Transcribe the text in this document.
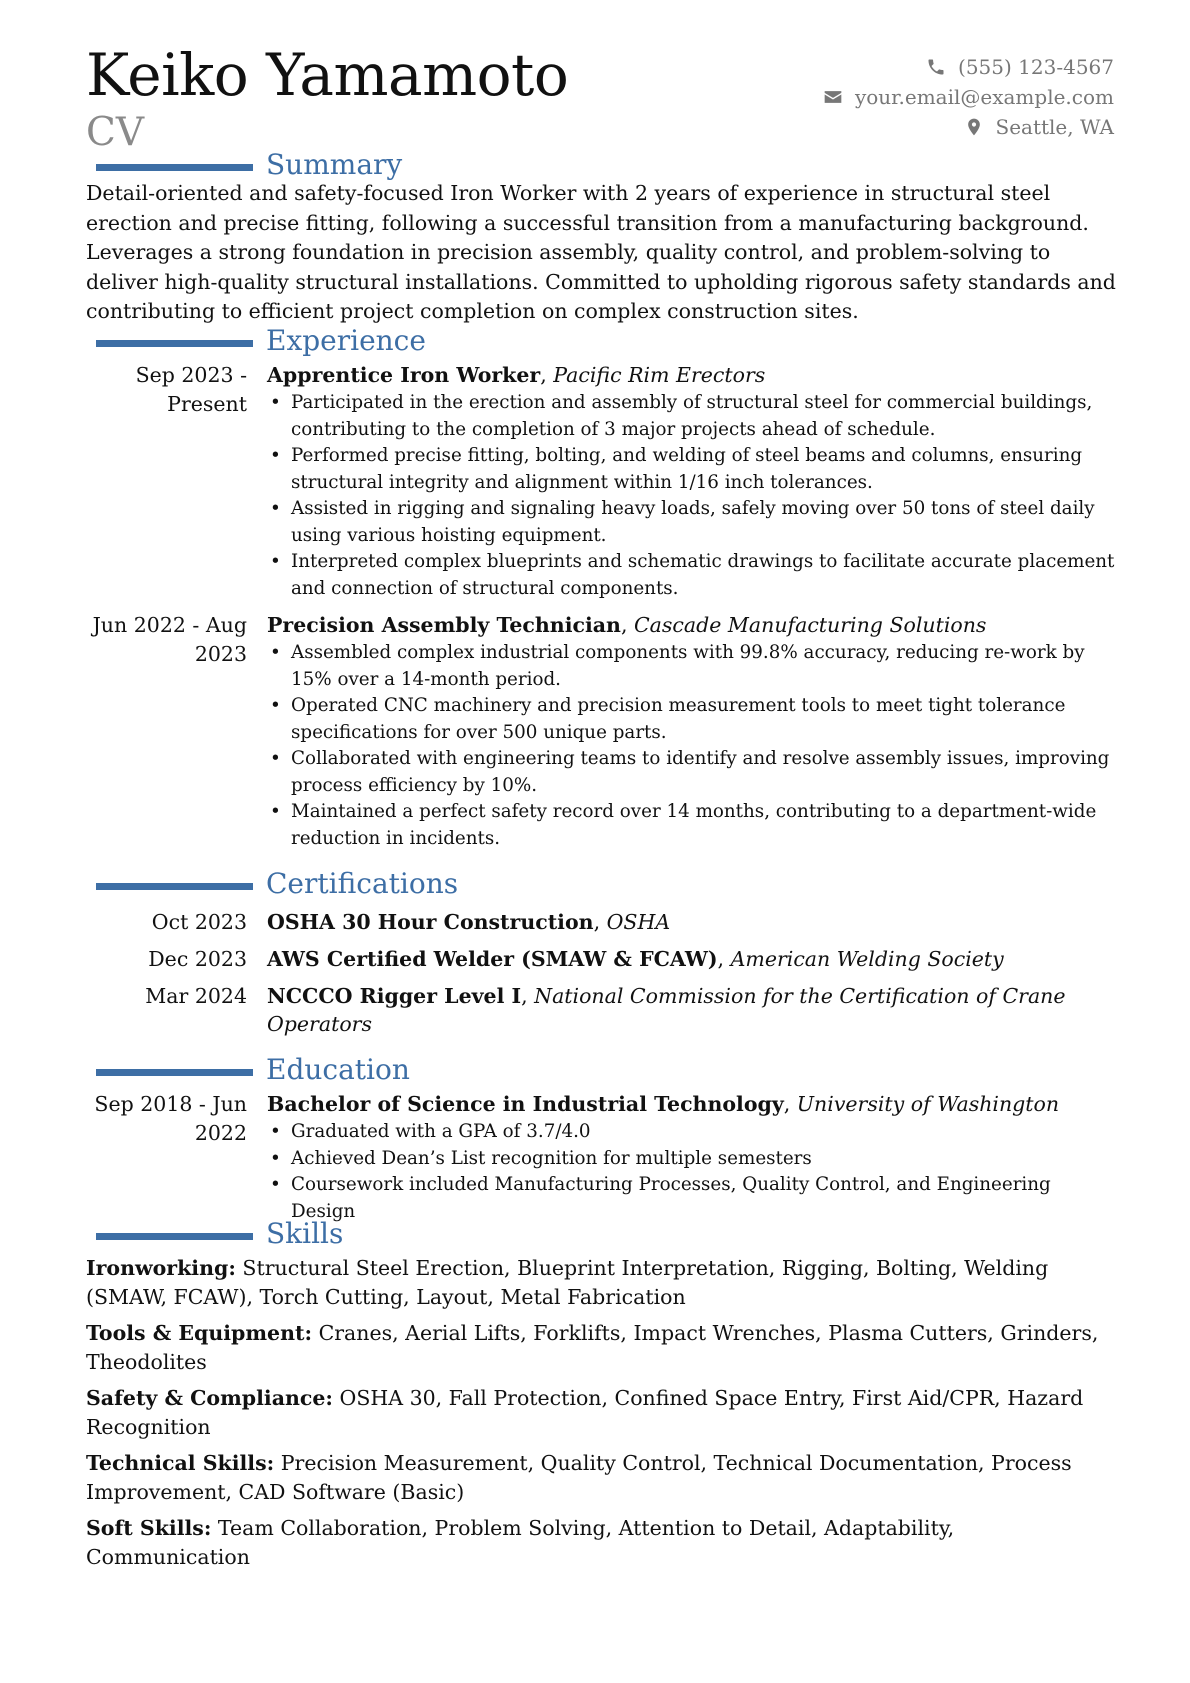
Keiko Yamamoto
CV
(555) 123-4567
your.email@example.com
Seattle, WA
Summary
Detail-oriented and safety-focused Iron Worker with 2 years of experience in structural steel erection and precise fitting, following a successful transition from a manufacturing background. Leverages a strong foundation in precision assembly, quality control, and problem-solving to deliver high-quality structural installations. Committed to upholding rigorous safety standards and contributing to efficient project completion on complex construction sites.
Experience
Sep 2023 - Present
Apprentice Iron Worker, Pacific Rim Erectors
• Participated in the erection and assembly of structural steel for commercial buildings, contributing to the completion of 3 major projects ahead of schedule.
• Performed precise fitting, bolting, and welding of steel beams and columns, ensuring structural integrity and alignment within 1/16 inch tolerances.
• Assisted in rigging and signaling heavy loads, safely moving over 50 tons of steel daily using various hoisting equipment.
• Interpreted complex blueprints and schematic drawings to facilitate accurate placement and connection of structural components.
Jun 2022 - Aug 2023
Precision Assembly Technician, Cascade Manufacturing Solutions
• Assembled complex industrial components with 99.8% accuracy, reducing re-work by 15% over a 14-month period.
• Operated CNC machinery and precision measurement tools to meet tight tolerance specifications for over 500 unique parts.
• Collaborated with engineering teams to identify and resolve assembly issues, improving process efficiency by 10%.
• Maintained a perfect safety record over 14 months, contributing to a department-wide reduction in incidents.
Certifications
Oct 2023 OSHA 30 Hour Construction, OSHA
Dec 2023 AWS Certified Welder (SMAW & FCAW), American Welding Society
Mar 2024 NCCCO Rigger Level I, National Commission for the Certification of Crane Operators
Education
Sep 2018 - Jun 2022
Bachelor of Science in Industrial Technology, University of Washington
• Graduated with a GPA of 3.7/4.0
• Achieved Dean’s List recognition for multiple semesters
• Coursework included Manufacturing Processes, Quality Control, and Engineering Design
Skills
Ironworking: Structural Steel Erection, Blueprint Interpretation, Rigging, Bolting, Welding (SMAW, FCAW), Torch Cutting, Layout, Metal Fabrication
Tools & Equipment: Cranes, Aerial Lifts, Forklifts, Impact Wrenches, Plasma Cutters, Grinders, Theodolites
Safety & Compliance: OSHA 30, Fall Protection, Confined Space Entry, First Aid/CPR, Hazard Recognition
Technical Skills: Precision Measurement, Quality Control, Technical Documentation, Process Improvement, CAD Software (Basic)
Soft Skills: Team Collaboration, Problem Solving, Attention to Detail, Adaptability, Communication
